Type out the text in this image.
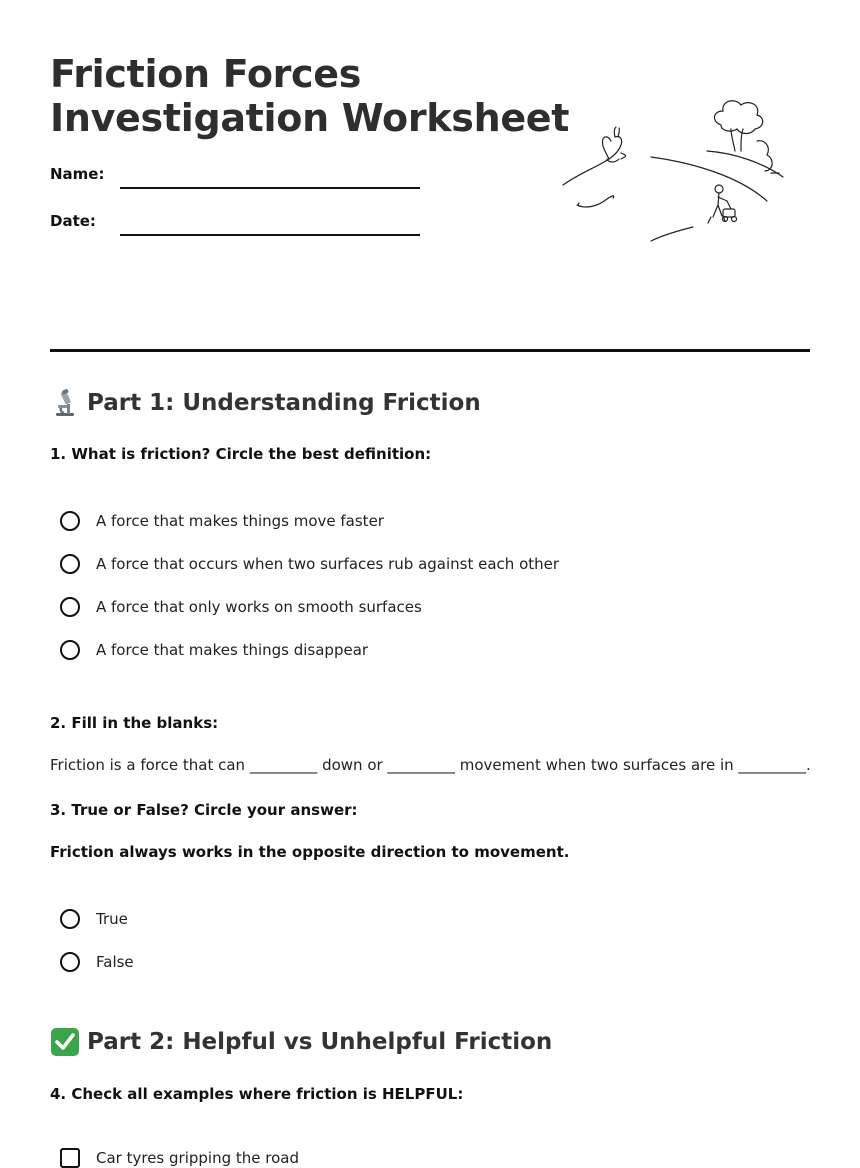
Friction Forces
Investigation Worksheet
Name:
Date:
Part 1: Understanding Friction
1. What is friction? Circle the best definition:
A force that makes things move faster
A force that occurs when two surfaces rub against each other
A force that only works on smooth surfaces
A force that makes things disappear
2. Fill in the blanks:
Friction is a force that can _________ down or _________ movement when two surfaces are in _________.
3. True or False? Circle your answer:
Friction always works in the opposite direction to movement.
True
False
Part 2: Helpful vs Unhelpful Friction
4. Check all examples where friction is HELPFUL:
Car tyres gripping the road
